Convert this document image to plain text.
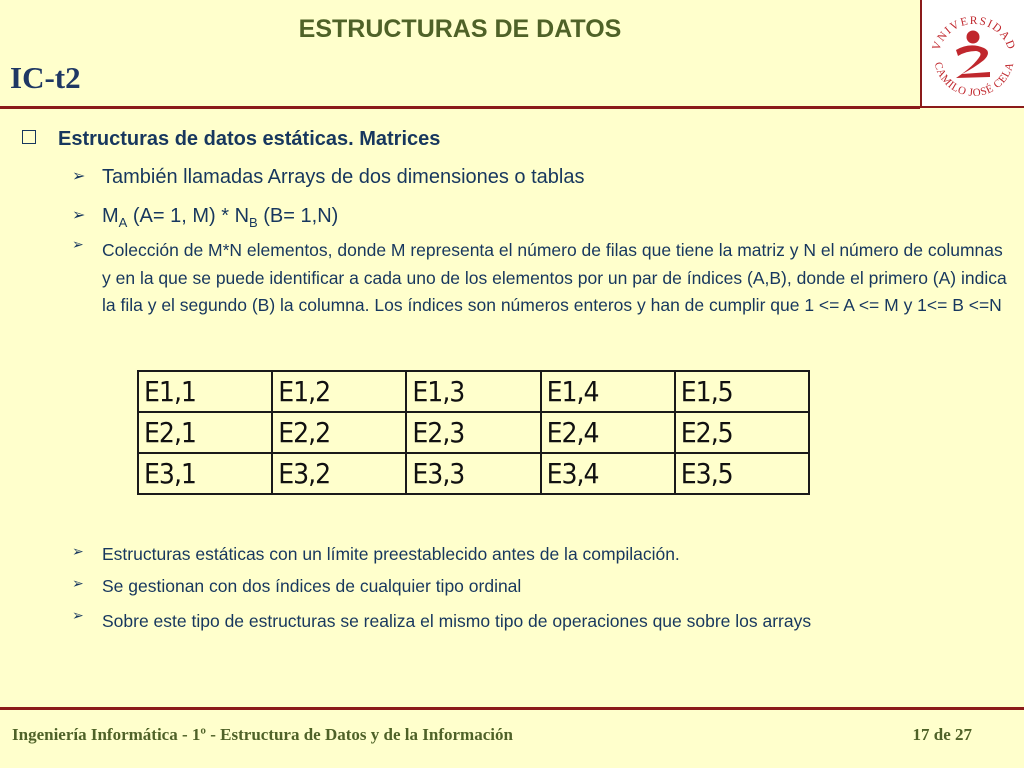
ESTRUCTURAS DE DATOS
IC-t2
VNIVERSIDAD
CAMILO JOSÉ CELA
Estructuras de datos estáticas. Matrices
➢ También llamadas Arrays de dos dimensiones o tablas
➢ $M_A$ (A= 1, $M) * N_B$ (B= 1,N)
➢ Colección de M*N elementos, donde M representa el número de filas que tiene la matriz y N el número de columnas y en la que se puede identificar a cada uno de los elementos por un par de índices (A,B), donde el primero (A) indica la fila y el segundo (B) la columna. Los índices son números enteros y han de cumplir que 1 <= A <= M y 1<= B <=N
E1,1	E1,2	E1,3	E1,4	E1,5
E2,1	E2,2	E2,3	E2,4	E2,5
E3,1	E3,2	E3,3	E3,4	E3,5
➢ Estructuras estáticas con un límite preestablecido antes de la compilación.
➢ Se gestionan con dos índices de cualquier tipo ordinal
➢ Sobre este tipo de estructuras se realiza el mismo tipo de operaciones que sobre los arrays
Ingeniería Informática - 1º - Estructura de Datos y de la Información	17 de 27
